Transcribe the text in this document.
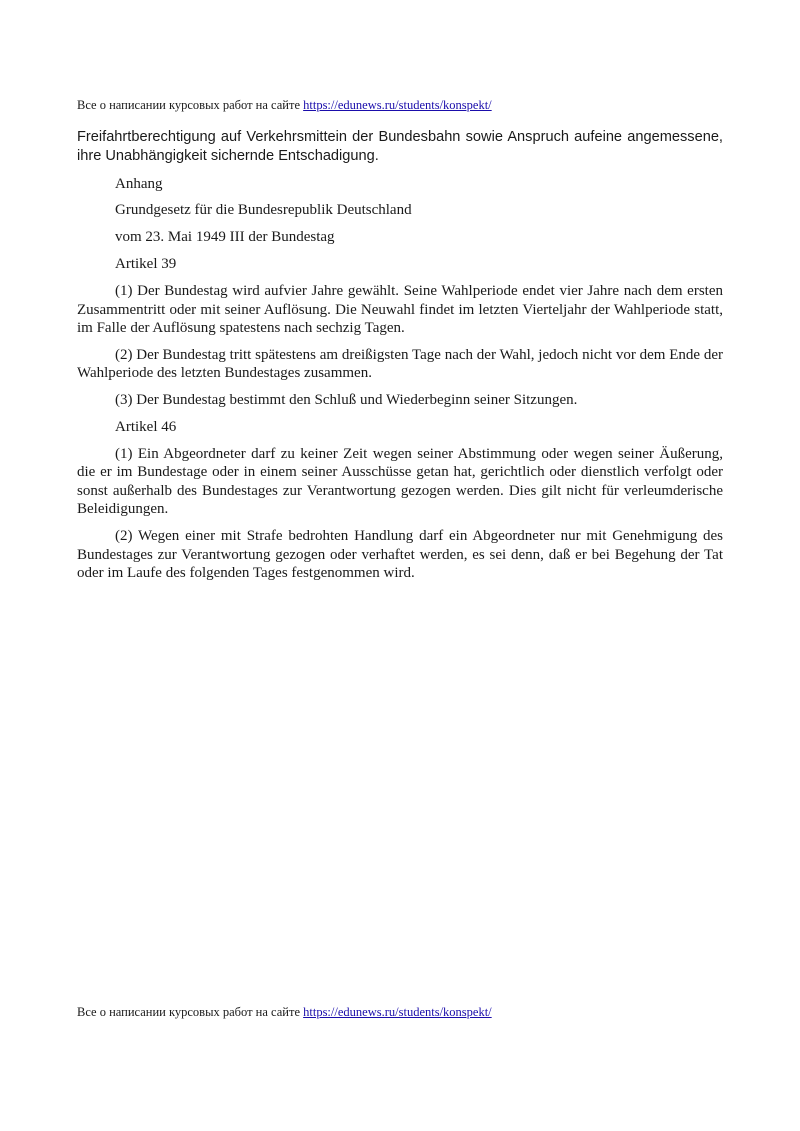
Все о написании курсовых работ на сайте https://edunews.ru/students/konspekt/

Freifahrtberechtigung auf Verkehrsmittein der Bundesbahn sowie Anspruch aufeine angemessene, ihre Unabhängigkeit sichernde Entschadigung.

Anhang

Grundgesetz für die Bundesrepublik Deutschland

vom 23. Mai 1949 III der Bundestag

Artikel 39

(1) Der Bundestag wird aufvier Jahre gewählt. Seine Wahlperiode endet vier Jahre nach dem ersten Zusammentritt oder mit seiner Auflösung. Die Neuwahl findet im letzten Vierteljahr der Wahlperiode statt, im Falle der Auflösung spatestens nach sechzig Tagen.

(2) Der Bundestag tritt spätestens am dreißigsten Tage nach der Wahl, jedoch nicht vor dem Ende der Wahlperiode des letzten Bundestages zusammen.

(3) Der Bundestag bestimmt den Schluß und Wiederbeginn seiner Sitzungen.

Artikel 46

(1) Ein Abgeordneter darf zu keiner Zeit wegen seiner Abstimmung oder wegen seiner Äußerung, die er im Bundestage oder in einem seiner Ausschüsse getan hat, gerichtlich oder dienstlich verfolgt oder sonst außerhalb des Bundestages zur Verantwortung gezogen werden. Dies gilt nicht für verleumderische Beleidigungen.

(2) Wegen einer mit Strafe bedrohten Handlung darf ein Abgeordneter nur mit Genehmigung des Bundestages zur Verantwortung gezogen oder verhaftet werden, es sei denn, daß er bei Begehung der Tat oder im Laufe des folgenden Tages festgenommen wird.

Все о написании курсовых работ на сайте https://edunews.ru/students/konspekt/
